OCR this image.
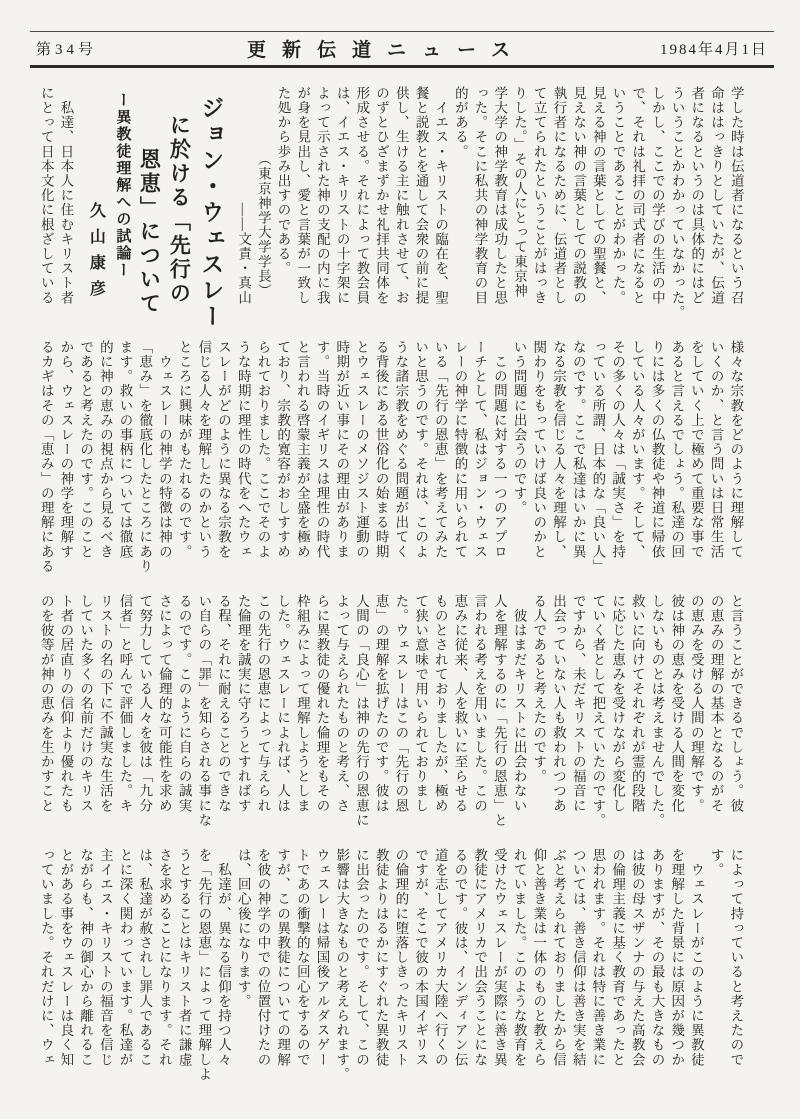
第34号	更新伝道ニュース	1984年4月1日
学した時は伝道者になるという召
命ははっきりとしていたが、伝道
者になるというのは具体的にはど
ういうことかわかっていなかった。
しかし、ここでの学びの生活の中
で、それは礼拝の司式者になると
いうことであることがわかった。
見える神の言葉としての聖餐と、
見えない神の言葉としての説教の
執行者になるために、伝道者とし
て立てられたということがはっき
りした。」その人にとって東京神
学大学の神学教育は成功したと思
った。そこに私共の神学教育の目
的がある。
　イエス・キリストの臨在を、聖
餐と説教とを通して会衆の前に提
供し、生ける主に触れさせて、お
のずとひざまずかせ礼拝共同体を
形成させる。それによって教会員
は、イエス・キリストの十字架に
よって示された神の支配の内に我
が身を見出し、愛と言葉が一致し
た処から歩み出すのである。
　　　　　（東京神学大学学長）
　　　　　　　　――文責・真山
ジョン・ウェスレー
に於ける「先行の
恩恵」について
ー異教徒理解への試論ー
久山康彦
　私達、日本人に住むキリスト者
にとって日本文化に根ざしている
様々な宗教をどのように理解して
いくのか、と言う問いは日常生活
をしていく上で極めて重要な事で
あると言えるでしょう。私達の回
りには多くの仏教徒や神道に帰依
している人々がいます。そして、
その多くの人々は「誠実さ」を持
っている所謂、日本的な「良い人」
なのです。ここで私達はいかに異
なる宗教を信じる人々を理解し、
関わりをもっていけば良いのかと
いう問題に出会うのです。
　この問題に対する一つのアプロ
ーチとして、私はジョン・ウェス
レーの神学に特徴的に用いられて
いる「先行の恩恵」を考えてみた
いと思うのです。それは、このよ
うな諸宗教をめぐる問題が出てく
る背後にある世俗化の始まる時期
とウェスレーのメソジスト運動の
時期が近い事にその理由がありま
す。当時のイギリスは理性の時代
と言われる啓蒙主義が全盛を極め
ており、宗教的寛容がおしすすめ
られておりました。ここでそのよ
うな時期に理性の時代をへたウェ
スレーがどのように異なる宗教を
信じる人々を理解したのかという
ところに興味がもたれるのです。
　ウェスレーの神学の特徴は神の
「恵み」を徹底化したところにあり
ます。救いの事柄については徹底
的に神の恵みの視点から見るべき
であると考えたのです。このこと
から、ウェスレーの神学を理解す
るカギはその「恵み」の理解にある
と言うことができるでしょう。彼
の恵みの理解の基本となるのがそ
の恵みを受ける人間の理解です。
彼は神の恵みを受ける人間を変化
しないものとは考えませんでした。
救いに向けてそれぞれが霊的段階
に応じた恵みを受けながら変化し
ていく者として把えていたのです。
ですから、未だキリストの福音に
出会っていない人も救われつつあ
る人であると考えたのです。
　彼はまだキリストに出会わない
人を理解するのに「先行の恩恵」と
言われる考えを用いました。この
恵みに従来、人を救いに至らせる
ものとされておりましたが、極め
て狭い意味で用いられておりまし
た。ウェスレーはこの「先行の恩
恵」の理解を拡げたのです。彼は
人間の「良心」は神の先行の恩恵に
よって与えられたものと考え、さ
らに異教徒の優れた倫理をもその
枠組みによって理解しようとしま
した。ウェスレーによれば、人は
この先行の恩恵によって与えられ
た倫理を誠実に守ろうとすればす
る程、それに耐えることのできな
い自らの「罪」を知らされる事にな
るのです。このように自らの誠実
さによって倫理的な可能性を求め
て努力している人々を彼は「九分
信者」と呼んで評価しました。キ
リストの名の下に不誠実な生活を
していた多くの名前だけのキリス
ト者の居直りの信仰より優れたも
のを彼等が神の恵みを生かすこと
によって持っていると考えたので
す。
　ウェスレーがこのように異教徒
を理解した背景には原因が幾つか
ありますが、その最も大きなもの
は彼の母スザンナの与えた高教会
の倫理主義に基く教育であったと
思われます。それは特に善き業に
ついては、善き信仰は善き実を結
ぶと考えられておりましたから信
仰と善き業は一体のものと教えら
れていました。このような教育を
受けたウェスレーが実際に善き異
教徒にアメリカで出会うことにな
るのです。彼は、インディアン伝
道を志してアメリカ大陸へ行くの
ですが、そこで彼の本国イギリス
の倫理的に堕落しきったキリスト
教徒よりはるかにすぐれた異教徒
に出会ったのです。そして、この
影響は大きなものと考えられます。
ウェスレーは帰国後アルダスゲー
トであの衝撃的な回心をするので
すが、この異教徒についての理解
を彼の神学の中での位置付けたの
は、回心後になります。
　私達が、異なる信仰を持つ人々
を「先行の恩恵」によって理解しよ
うとすることはキリスト者に謙虚
さを求めることになります。それ
は、私達が赦されし罪人であるこ
とに深く関わっています。私達が
主イエス・キリストの福音を信じ
ながらも、神の御心から離れるこ
とがある事をウェスレーは良く知
っていました。それだけに、ウェ
